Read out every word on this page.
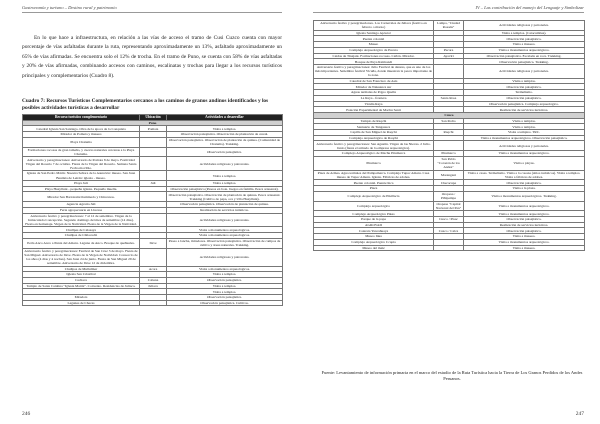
Gastronomía y turismo – Destino rural y patrimonio

En lo que hace a infraestructura, en relación a las vías de acceso el tramo de Cusi Cuzco cuenta con mayor porcentaje de vías asfaltadas durante la ruta, representando aproximadamente un 13%, asfaltado aproximadamente un 65% de vías afirmadas. Se encuentra solo el 12% de trocha. En el tramo de Puno, se cuenta con 58% de vías asfaltadas y 20% de vías afirmadas, combinando accesos con caminos, escalinatas y trochas para llegar a los recursos turísticos principales y complementarios (Cuadro 8).

Cuadro 7: Recursos Turísticos Complementarios cercanos a los caminos de granos andinos identificados y los posibles actividades turísticas a desarrollar

Recurso turístico complementario	Ubicación	Actividades a desarrollar
Puno		
Catedral Iglesia San Santiago. Obra de la época de la Conquista	Pomata	Visita a templos.
Mirador de Pomata y museos		Observación paisajística. Observación de plantación de cereal.
Playa Chatuma		Observación paisajística. Observación de plantación de quinua. (Comunidad de Chatuma). Trekking.
Formaciones rocosas de gran tamaño, y cuevas naturales cercanas a la Playa Chatuma.		Observación paisajística.
Aniversario y peregrinaciones: Aniversario de Pomata 8 de mayo. Festividad Virgen del Rosario 7 de octubre. Fiesta de la Virgen del Rosario. Semana Santa Fecha movible.		Actividades religiosas y patronales.
Iglesia de San Pedro Mártir. Nuestra Señora de la Asunción: museo. San Juan Bautista de Letrán: iglesia - museo.		Visita a templos.
Playa Juli	Juli	Visita a templos.
Playa Huaylluni - pequeña iglesia. Pequeño muelle.		Observación paisajística (Paseos en bote. Juegos en familia. Pesca artesanal).
Mirador San Bartolomé iluminado y Chincanos.		Observación paisajística. Observación de plantación de quinua. Pesca artesanal. Trekking (Cultivo de papa, oca y Ulla Huaylluni).
Agencia Agraria Juli		Observación paisajística. Observación de plantación de quinua.
Feria agropecuaria en Llucasa		Realización de servicios turísticos.
Aniversario festivo y peregrinaciones: 7 al 12 de setiembre. Virgen de la Inmaculada Concepción. Segundo domingo del mes de setiembre (14 días). Fiesta en homenaje. Virgen de la Natividad. Fiesta de la Virgen de la Natividad.		Actividades religiosas y patronales.
Chullpas de Calasaya		Visita a monumentos arqueológicos.
Chullpas de Chilacachi		Visita a monumentos arqueológicos.
Perla Anco Anco a Punta del Amaru. Laguna de Anco. Bosque de queñuales.	Ilave	Paseo a lancha, miradores. Observación paisajística. Observación de campos de cultivo y áreas naturales. Trekking.
Aniversario festivo y peregrinaciones: Festival de San Cruz 3 de mayo. Fiesta de San Miguel. Aniversario de Ilave. Fiesta de la Virgen de Natividad. Consorcio de los años (4 días y 4 noches). San Juan 24 de junio. Fiesta de San Miguel 29 de setiembre. Aniversario de Ilave 12 de diciembre.		Actividades religiosas y patronales.
Chullpas de Mullulmar	Acora	Visita a monumentos arqueológicos.
Iglesia San Cristóbal		Visita a templos.
Cachaca	Cabana	Observación paisajística.
Templo de Santa Catalina "Iglesia Matriz". Convento. Residencias de Juliaca.	Juliaca	Visita a templos.
		Visita a templos.
Miradors		Observación paisajística.
Lagunas de Chacas		Observación paisajística. Cultivos.
246
IV – Las contribución del manejo del Lenguaje y Simbolizar
Aniversario festivo y peregrinaciones. Los Carnavales de Juliaca (festivo en febrero o marzo)	Lampa, "Ciudad Rosada"	Actividades religiosas y patronales.
Iglesia Santiago Apóstol		Visita a templos. (Catacumbas).
Puente colonial		Observación paisajística.
Museo		Visita a museos.
Complejo Arqueológico de Pucara	Pucara	Visita a monumentos arqueológicos.
Caídas de Tinajani. Formaciones rocosas. Cañón. Mirador.	Ayaviri	Observación paisajística. Escalada en roca. Trekking.
Bosque de Puya Raimondi		Observación paisajística. Trekking.
Aniversario festivo y peregrinaciones: Julio Festival de danzas, que es uno de los más importantes. Setiembre festival Vicuña, donde muestran la pesca importante de la zona.		Actividades religiosas y patronales.
Catedral de San Francisco de Asís		Visita a templos.
Mirador de Nakuanca sur		Observación paisajística.
Aguas termales de Pojpo Quella		Termalismo.
La Raya - frontera	Santa Rosa	Observación paisajística.
Vicuña Raya		Observación paisajística. Complejo arqueológico.
Estación Experimental de Machu Santi		Realización de servicios turísticos.
Cusco		
Templo de Raqchi	San Pedro	Visita a templos.
Santuario de Tungasuca		Visita a templos.
Capilla de San Miguel de Raqchi	Raqchi	Visita a templos. TRC.
Complejo Arqueológico de Raqchi		Visita a monumentos arqueológicos. Observación paisajística.
Aniversario festivo y peregrinaciones: San Agustín. Virgen de las Nieves. 2 Julio. Junio (fiesta el armado de la empresa arqueológica).		Actividades religiosas y patronales.
Complejo Arqueológico de Machu Pitumarca	Pitumarca	Visita a monumentos arqueológicos.
Pitumarca	San Pablo "Corazón de los Andes"	Visita a playas.
Plaza de Armas. Agua termales del Pampamarca. Complejo Tupac Amaru. Casa museo de Tupac Amaru. Iglesia. Fábricas de adobes.	Marangani	Visita a casas. Termalismo. Visita a la casona (sitios turísticos). Visita a templos. Visita a fábricas de adobes.
Puente colonial. Puente Inca	Checacupe	Observación paisajística.
Plaza		Visita a la plaza.
Complejo Arqueológico de Pikillacta	Oropesa / Piñipampa	Visita a monumentos arqueológicos. Trekking.
Complejo arqueológico	Oropesa "Capital Nacional del Pan"	Visita a monumentos arqueológicos.
Complejo Arqueológico Pikas		Visita a monumentos arqueológicos.
Parque de la papa	Cusco / Pisac	Observación paisajística.
AGROVAD		Realización de servicios turísticos.
Catarata Yancahuaya	Cusco / Calca	Observación paisajística.
Museo Inka		Visita a museos.
Complejo Arqueológico Ccapia		Visita a monumentos arqueológicos.
Museo del maíz		Visita a museos.

Fuente: Levantamiento de información primaria en el marco del estudio de la Ruta Turística hacia la Tierra de Los Granos Perdidos de los Andes Peruanos.

247
